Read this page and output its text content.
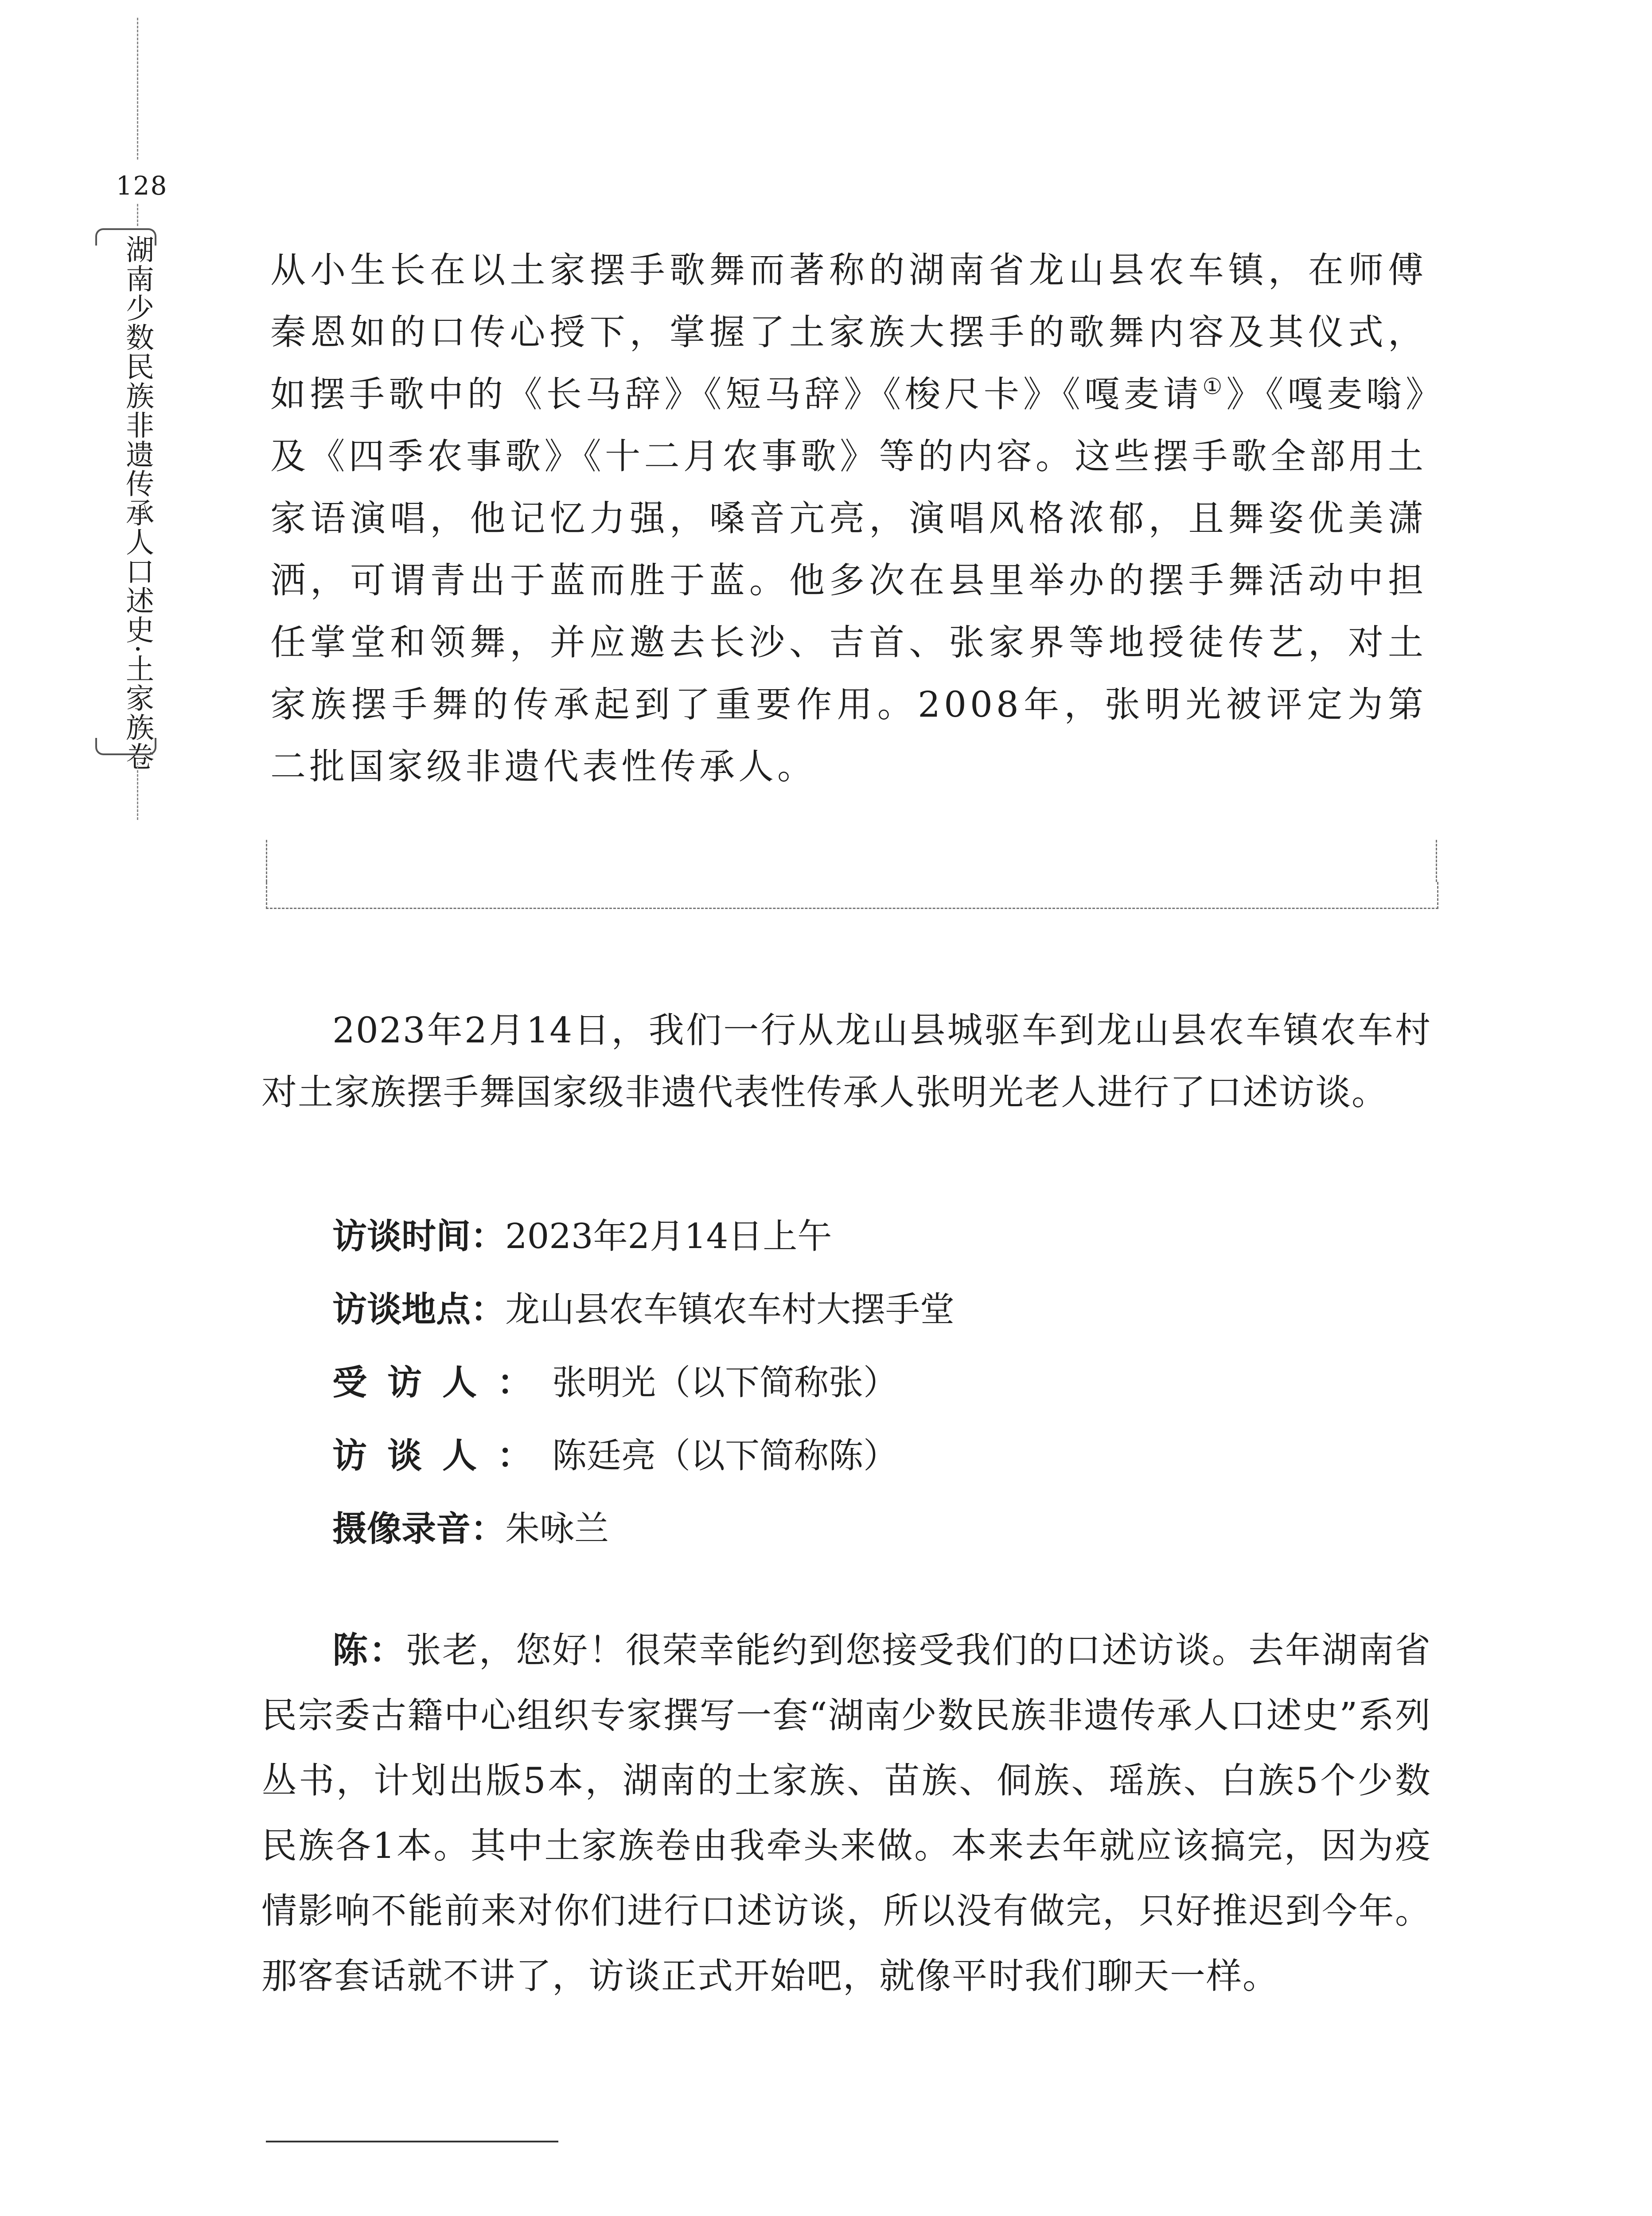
128
湖南少数民族非遗传承人口述史·土家族卷	从小生长在以土家摆手歌舞而著称的湖南省龙山县农车镇，在师傅秦恩如的口传心授下，掌握了土家族大摆手的歌舞内容及其仪式，如摆手歌中的《长马辞》《短马辞》《梭尺卡》《嘎麦请①》《嘎麦嗡》及《四季农事歌》《十二月农事歌》等的内容。这些摆手歌全部用土家语演唱，他记忆力强，嗓音亢亮，演唱风格浓郁，且舞姿优美潇洒，可谓青出于蓝而胜于蓝。他多次在县里举办的摆手舞活动中担任掌堂和领舞，并应邀去长沙、吉首、张家界等地授徒传艺，对土家族摆手舞的传承起到了重要作用。2008年，张明光被评定为第二批国家级非遗代表性传承人。

2023年2月14日，我们一行从龙山县城驱车到龙山县农车镇农车村对土家族摆手舞国家级非遗代表性传承人张明光老人进行了口述访谈。

访谈时间：2023年2月14日上午
访谈地点：龙山县农车镇农车村大摆手堂
受访人：张明光（以下简称张）
访谈人：陈廷亮（以下简称陈）
摄像录音：朱咏兰

陈：张老，您好！很荣幸能约到您接受我们的口述访谈。去年湖南省民宗委古籍中心组织专家撰写一套“湖南少数民族非遗传承人口述史”系列丛书，计划出版5本，湖南的土家族、苗族、侗族、瑶族、白族5个少数民族各1本。其中土家族卷由我牵头来做。本来去年就应该搞完，因为疫情影响不能前来对你们进行口述访谈，所以没有做完，只好推迟到今年。那客套话就不讲了，访谈正式开始吧，就像平时我们聊天一样。
